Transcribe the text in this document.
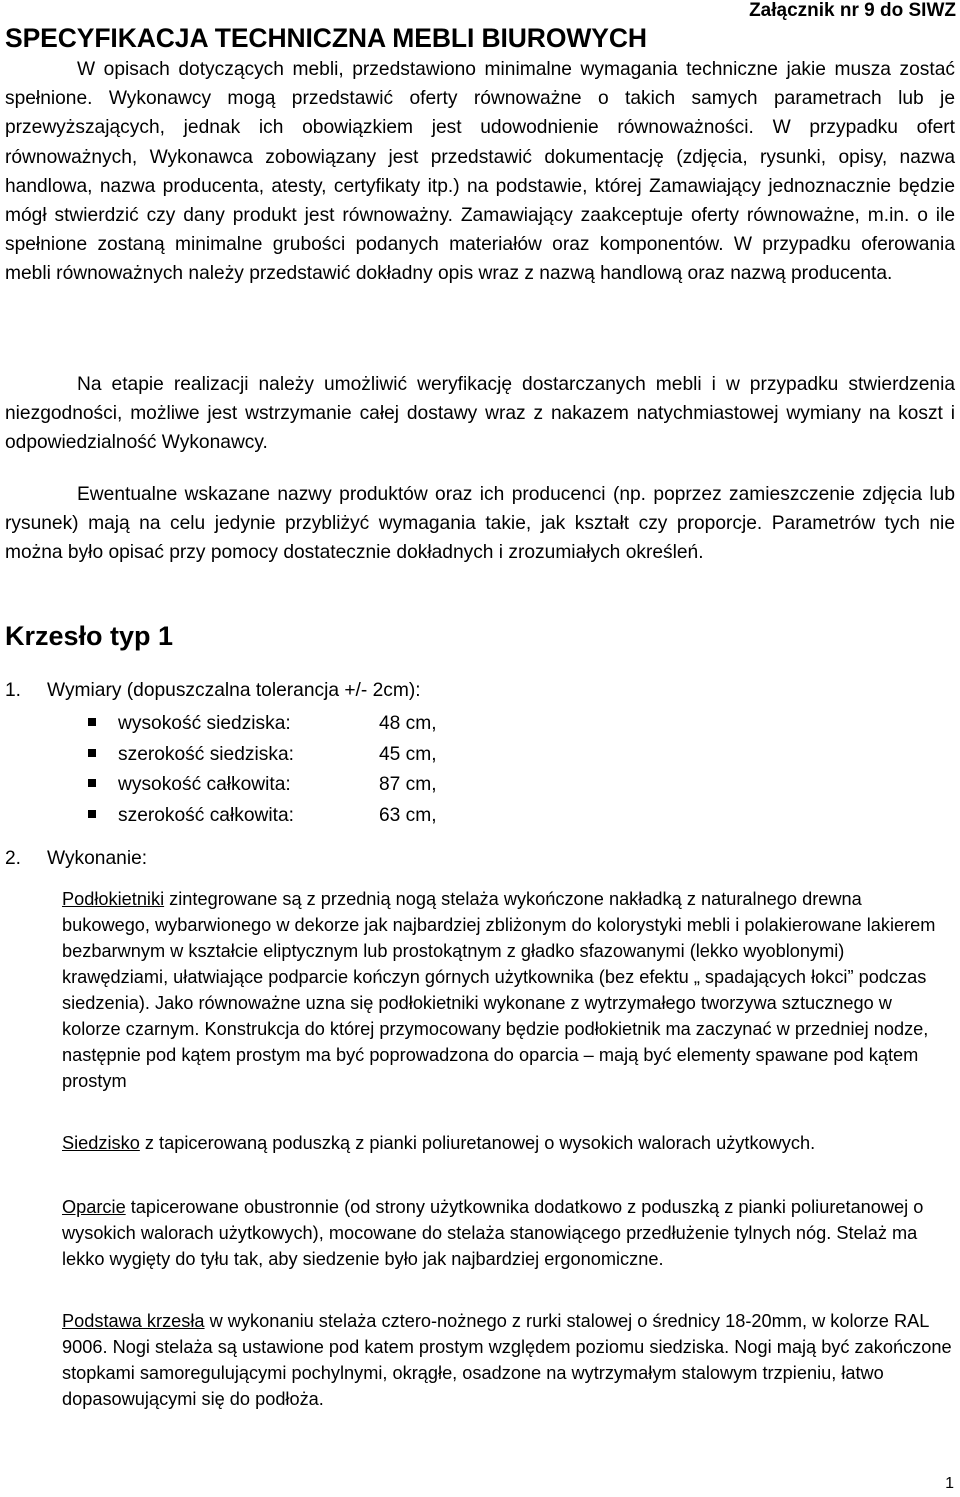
Załącznik nr 9 do SIWZ
SPECYFIKACJA TECHNICZNA MEBLI BIUROWYCH

W opisach dotyczących mebli, przedstawiono minimalne wymagania techniczne jakie musza zostać spełnione. Wykonawcy mogą przedstawić oferty równoważne o takich samych parametrach lub je przewyższających, jednak ich obowiązkiem jest udowodnienie równoważności. W przypadku ofert równoważnych, Wykonawca zobowiązany jest przedstawić dokumentację (zdjęcia, rysunki, opisy, nazwa handlowa, nazwa producenta, atesty, certyfikaty itp.) na podstawie, której Zamawiający jednoznacznie będzie mógł stwierdzić czy dany produkt jest równoważny. Zamawiający zaakceptuje oferty równoważne, m.in. o ile spełnione zostaną minimalne grubości podanych materiałów oraz komponentów. W przypadku oferowania mebli równoważnych należy przedstawić dokładny opis wraz z nazwą handlową oraz nazwą producenta.

Na etapie realizacji należy umożliwić weryfikację dostarczanych mebli i w przypadku stwierdzenia niezgodności, możliwe jest wstrzymanie całej dostawy wraz z nakazem natychmiastowej wymiany na koszt i odpowiedzialność Wykonawcy.

Ewentualne wskazane nazwy produktów oraz ich producenci (np. poprzez zamieszczenie zdjęcia lub rysunek) mają na celu jedynie przybliżyć wymagania takie, jak kształt czy proporcje. Parametrów tych nie można było opisać przy pomocy dostatecznie dokładnych i zrozumiałych określeń.

Krzesło typ 1
1. Wymiary (dopuszczalna tolerancja +/- 2cm):
wysokość siedziska:	48 cm,
szerokość siedziska:	45 cm,
wysokość całkowita:	87 cm,
szerokość całkowita:	63 cm,
2. Wykonanie:

Podłokietniki zintegrowane są z przednią nogą stelaża wykończone nakładką z naturalnego drewna bukowego, wybarwionego w dekorze jak najbardziej zbliżonym do kolorystyki mebli i polakierowane lakierem bezbarwnym w kształcie eliptycznym lub prostokątnym z gładko sfazowanymi (lekko wyoblonymi) krawędziami, ułatwiające podparcie kończyn górnych użytkownika (bez efektu „ spadających łokci” podczas siedzenia). Jako równoważne uzna się podłokietniki wykonane z wytrzymałego tworzywa sztucznego w kolorze czarnym. Konstrukcja do której przymocowany będzie podłokietnik ma zaczynać w przedniej nodze, następnie pod kątem prostym ma być poprowadzona do oparcia – mają być elementy spawane pod kątem prostym

Siedzisko z tapicerowaną poduszką z pianki poliuretanowej o wysokich walorach użytkowych.

Oparcie tapicerowane obustronnie (od strony użytkownika dodatkowo z poduszką z pianki poliuretanowej o wysokich walorach użytkowych), mocowane do stelaża stanowiącego przedłużenie tylnych nóg. Stelaż ma lekko wygięty do tyłu tak, aby siedzenie było jak najbardziej ergonomiczne.

Podstawa krzesła w wykonaniu stelaża cztero-nożnego z rurki stalowej o średnicy 18-20mm, w kolorze RAL 9006. Nogi stelaża są ustawione pod katem prostym względem poziomu siedziska. Nogi mają być zakończone stopkami samoregulującymi pochylnymi, okrągłe, osadzone na wytrzymałym stalowym trzpieniu, łatwo dopasowującymi się do podłoża.

1
